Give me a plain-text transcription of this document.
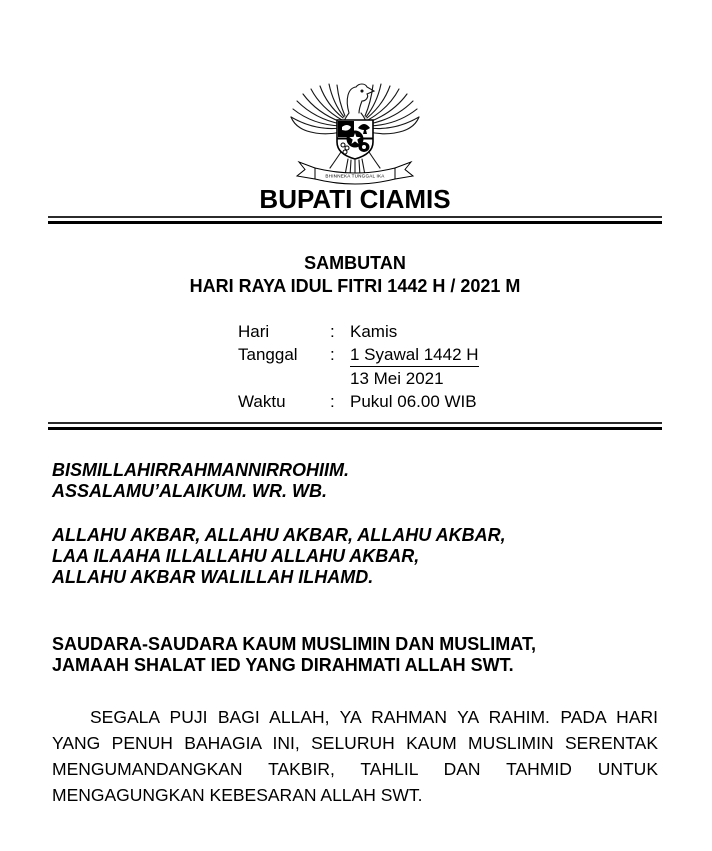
BHINNEKA TUNGGAL IKA
BUPATI CIAMIS
SAMBUTAN
HARI RAYA IDUL FITRI 1442 H / 2021 M
Hari	: Kamis
Tanggal	: 1 Syawal 1442 H
13 Mei 2021
Waktu	: Pukul 06.00 WIB
BISMILLAHIRRAHMANNIRROHIIM.
ASSALAMU’ALAIKUM. WR. WB.
ALLAHU AKBAR, ALLAHU AKBAR, ALLAHU AKBAR,
LAA ILAAHA ILLALLAHU ALLAHU AKBAR,
ALLAHU AKBAR WALILLAH ILHAMD.
SAUDARA-SAUDARA KAUM MUSLIMIN DAN MUSLIMAT,
JAMAAH SHALAT IED YANG DIRAHMATI ALLAH SWT.
SEGALA PUJI BAGI ALLAH, YA RAHMAN YA RAHIM. PADA HARI
YANG PENUH BAHAGIA INI, SELURUH KAUM MUSLIMIN SERENTAK
MENGUMANDANGKAN TAKBIR, TAHLIL DAN TAHMID UNTUK
MENGAGUNGKAN KEBESARAN ALLAH SWT.
